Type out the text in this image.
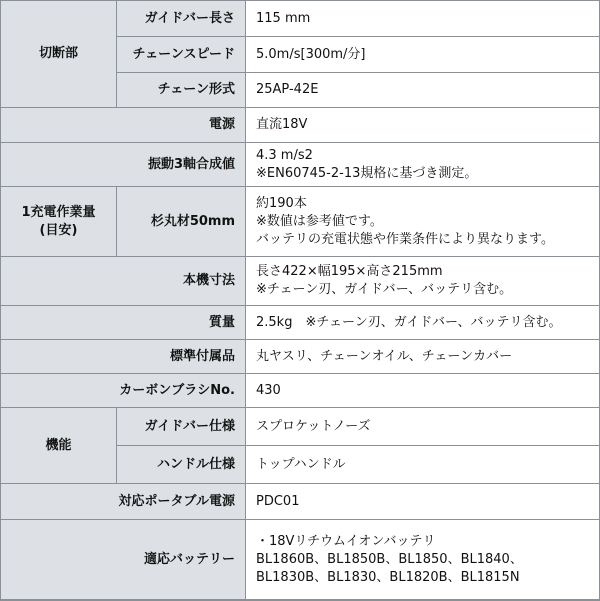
切断部	ガイドバー長さ	115 mm
	チェーンスピード	5.0m/s[300m/分]
	チェーン形式	25AP-42E
電源		直流18V
振動3軸合成値		4.3 m/s2
※EN60745-2-13規格に基づき測定。

1充電作業量
(目安)	杉丸材50mm	約190本
※数値は参考値です。
バッテリの充電状態や作業条件により異なります。

本機寸法		長さ422×幅195×高さ215mm
※チェーン刃、ガイドバー、バッテリ含む。

質量		2.5kg　※チェーン刃、ガイドバー、バッテリ含む。
標準付属品		丸ヤスリ、チェーンオイル、チェーンカバー
カーボンブラシNo.		430
機能	ガイドバー仕様	スプロケットノーズ
	ハンドル仕様	トップハンドル
対応ポータブル電源		PDC01
適応バッテリー		・18Vリチウムイオンバッテリ
BL1860B、BL1850B、BL1850、BL1840、
BL1830B、BL1830、BL1820B、BL1815N
